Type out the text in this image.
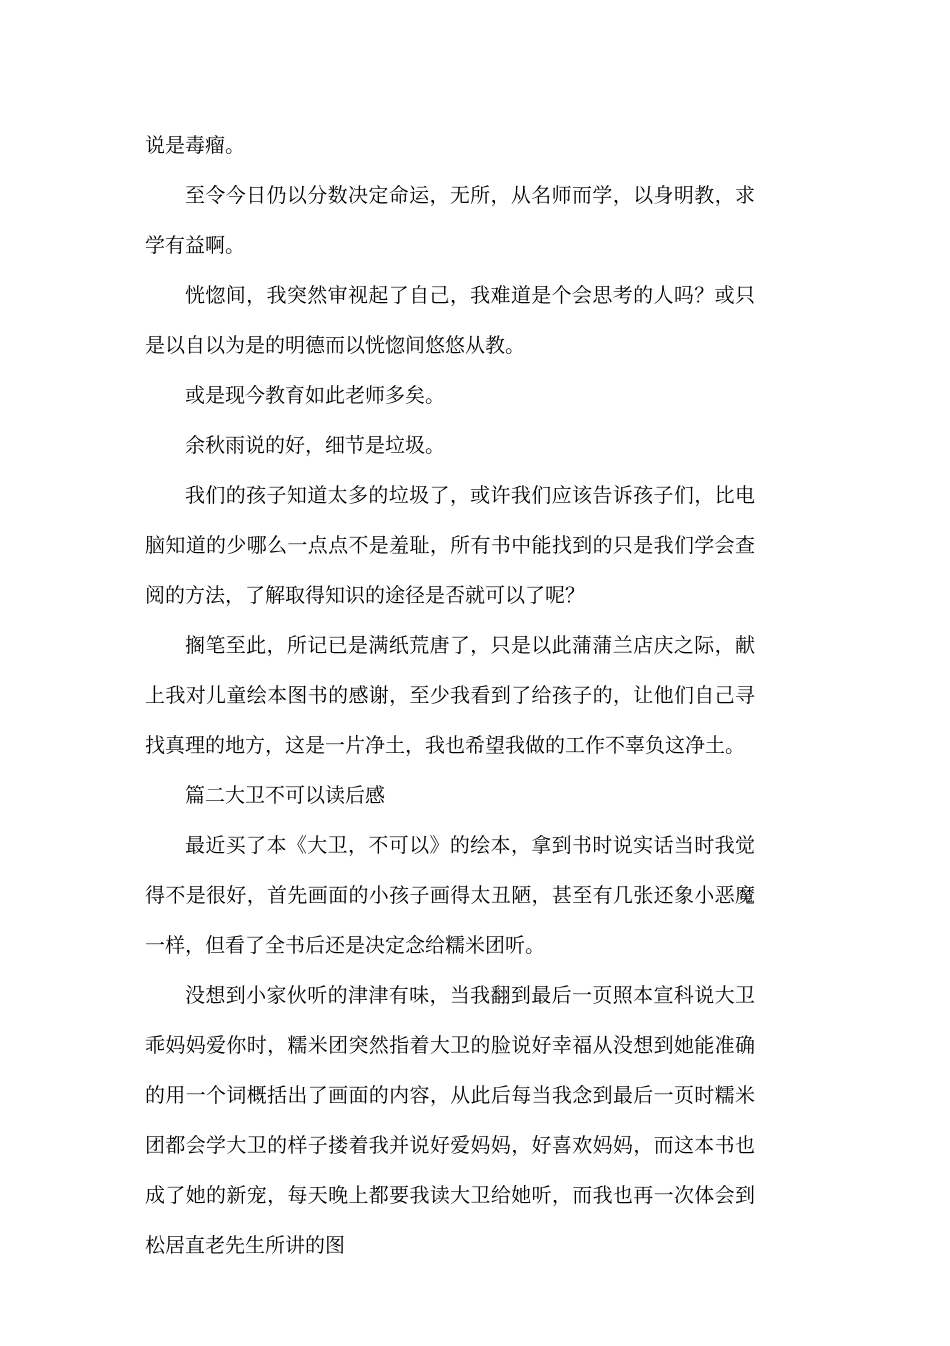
说是毒瘤。

至令今日仍以分数决定命运，无所，从名师而学，以身明教，求学有益啊。

恍惚间，我突然审视起了自己，我难道是个会思考的人吗？或只是以自以为是的明德而以恍惚间悠悠从教。

或是现今教育如此老师多矣。

余秋雨说的好，细节是垃圾。

我们的孩子知道太多的垃圾了，或许我们应该告诉孩子们，比电脑知道的少哪么一点点不是羞耻，所有书中能找到的只是我们学会查阅的方法，了解取得知识的途径是否就可以了呢？

搁笔至此，所记已是满纸荒唐了，只是以此蒲蒲兰店庆之际，献上我对儿童绘本图书的感谢，至少我看到了给孩子的，让他们自己寻找真理的地方，这是一片净土，我也希望我做的工作不辜负这净土。

篇二大卫不可以读后感

最近买了本《大卫，不可以》的绘本，拿到书时说实话当时我觉得不是很好，首先画面的小孩子画得太丑陋，甚至有几张还象小恶魔一样，但看了全书后还是决定念给糯米团听。

没想到小家伙听的津津有味，当我翻到最后一页照本宣科说大卫乖妈妈爱你时，糯米团突然指着大卫的脸说好幸福从没想到她能准确的用一个词概括出了画面的内容，从此后每当我念到最后一页时糯米团都会学大卫的样子搂着我并说好爱妈妈，好喜欢妈妈，而这本书也成了她的新宠，每天晚上都要我读大卫给她听，而我也再一次体会到松居直老先生所讲的图
